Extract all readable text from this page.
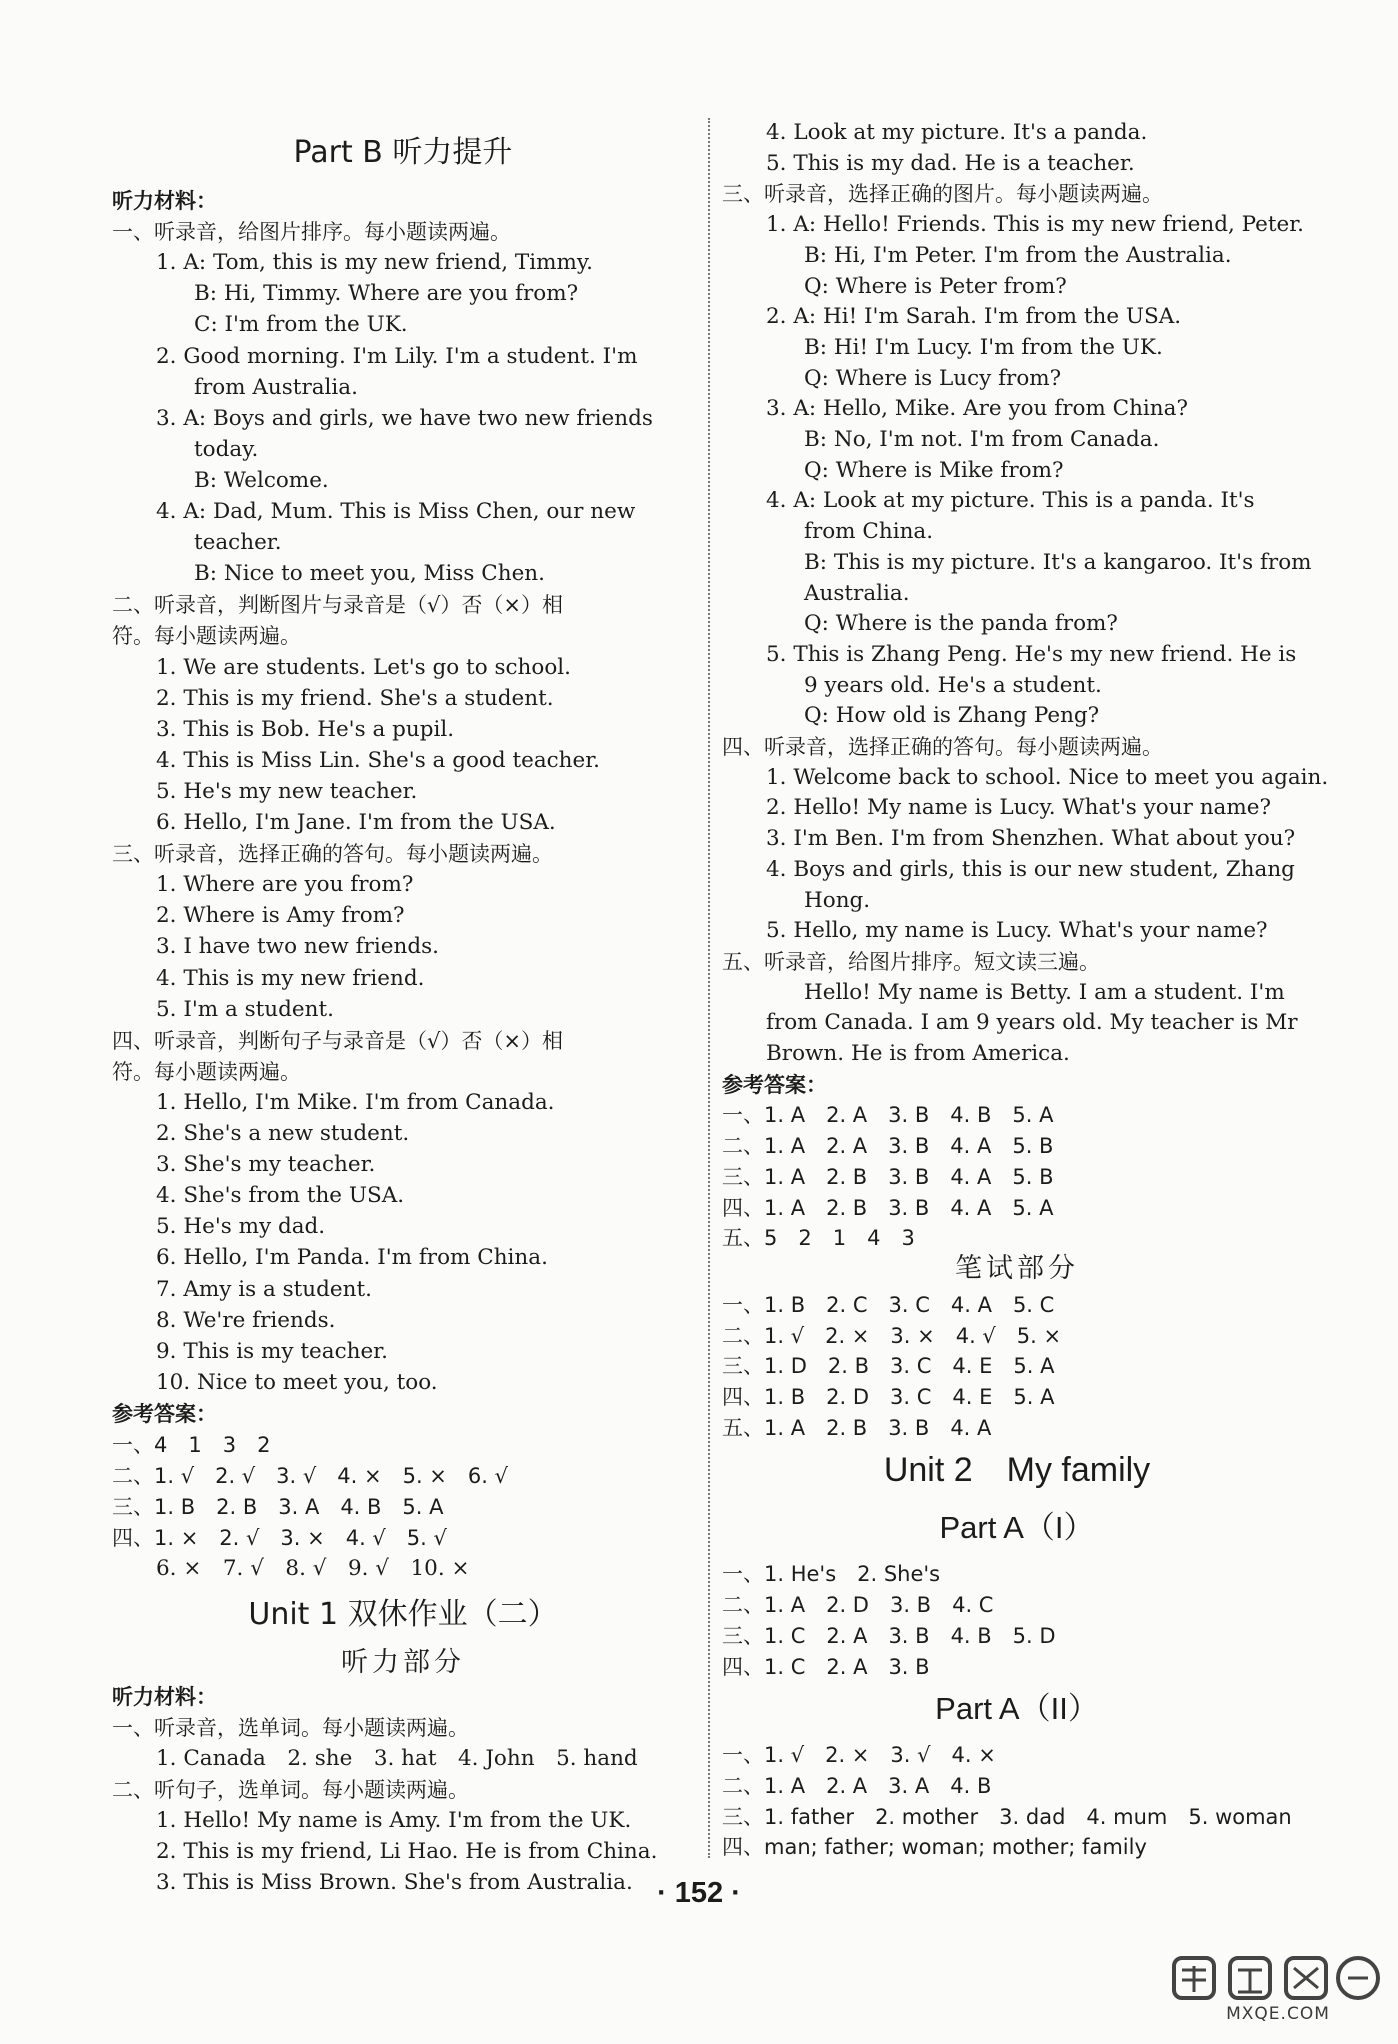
Part B 听力提升
听力材料：
一、听录音，给图片排序。每小题读两遍。
1. A: Tom, this is my new friend, Timmy.
B: Hi, Timmy. Where are you from?
C: I'm from the UK.
2. Good morning. I'm Lily. I'm a student. I'm
from Australia.
3. A: Boys and girls, we have two new friends
today.
B: Welcome.
4. A: Dad, Mum. This is Miss Chen, our new
teacher.
B: Nice to meet you, Miss Chen.
二、听录音，判断图片与录音是（√）否（×）相
符。每小题读两遍。
1. We are students. Let's go to school.
2. This is my friend. She's a student.
3. This is Bob. He's a pupil.
4. This is Miss Lin. She's a good teacher.
5. He's my new teacher.
6. Hello, I'm Jane. I'm from the USA.
三、听录音，选择正确的答句。每小题读两遍。
1. Where are you from?
2. Where is Amy from?
3. I have two new friends.
4. This is my new friend.
5. I'm a student.
四、听录音，判断句子与录音是（√）否（×）相
符。每小题读两遍。
1. Hello, I'm Mike. I'm from Canada.
2. She's a new student.
3. She's my teacher.
4. She's from the USA.
5. He's my dad.
6. Hello, I'm Panda. I'm from China.
7. Amy is a student.
8. We're friends.
9. This is my teacher.
10. Nice to meet you, too.
参考答案：
一、4　1　3　2
二、1. √　2. √　3. √　4. ×　5. ×　6. √
三、1. B　2. B　3. A　4. B　5. A
四、1. ×　2. √　3. ×　4. √　5. √
6. ×　7. √　8. √　9. √　10. ×
Unit 1 双休作业（二）
听力部分
听力材料：
一、听录音，选单词。每小题读两遍。
1. Canada　2. she　3. hat　4. John　5. hand
二、听句子，选单词。每小题读两遍。
1. Hello! My name is Amy. I'm from the UK.
2. This is my friend, Li Hao. He is from China.
3. This is Miss Brown. She's from Australia.
4. Look at my picture. It's a panda.
5. This is my dad. He is a teacher.
三、听录音，选择正确的图片。每小题读两遍。
1. A: Hello! Friends. This is my new friend, Peter.
B: Hi, I'm Peter. I'm from the Australia.
Q: Where is Peter from?
2. A: Hi! I'm Sarah. I'm from the USA.
B: Hi! I'm Lucy. I'm from the UK.
Q: Where is Lucy from?
3. A: Hello, Mike. Are you from China?
B: No, I'm not. I'm from Canada.
Q: Where is Mike from?
4. A: Look at my picture. This is a panda. It's
from China.
B: This is my picture. It's a kangaroo. It's from
Australia.
Q: Where is the panda from?
5. This is Zhang Peng. He's my new friend. He is
9 years old. He's a student.
Q: How old is Zhang Peng?
四、听录音，选择正确的答句。每小题读两遍。
1. Welcome back to school. Nice to meet you again.
2. Hello! My name is Lucy. What's your name?
3. I'm Ben. I'm from Shenzhen. What about you?
4. Boys and girls, this is our new student, Zhang
Hong.
5. Hello, my name is Lucy. What's your name?
五、听录音，给图片排序。短文读三遍。
Hello! My name is Betty. I am a student. I'm
from Canada. I am 9 years old. My teacher is Mr
Brown. He is from America.
参考答案：
一、1. A　2. A　3. B　4. B　5. A
二、1. A　2. A　3. B　4. A　5. B
三、1. A　2. B　3. B　4. A　5. B
四、1. A　2. B　3. B　4. A　5. A
五、5　2　1　4　3
笔试部分
一、1. B　2. C　3. C　4. A　5. C
二、1. √　2. ×　3. ×　4. √　5. ×
三、1. D　2. B　3. C　4. E　5. A
四、1. B　2. D　3. C　4. E　5. A
五、1. A　2. B　3. B　4. A
Unit 2　My family
Part A（I）
一、1. He's　2. She's
二、1. A　2. D　3. B　4. C
三、1. C　2. A　3. B　4. B　5. D
四、1. C　2. A　3. B
Part A（II）
一、1. √　2. ×　3. √　4. ×
二、1. A　2. A　3. A　4. B
三、1. father　2. mother　3. dad　4. mum　5. woman
四、man; father; woman; mother; family
· 152 ·
MXQE.COM
